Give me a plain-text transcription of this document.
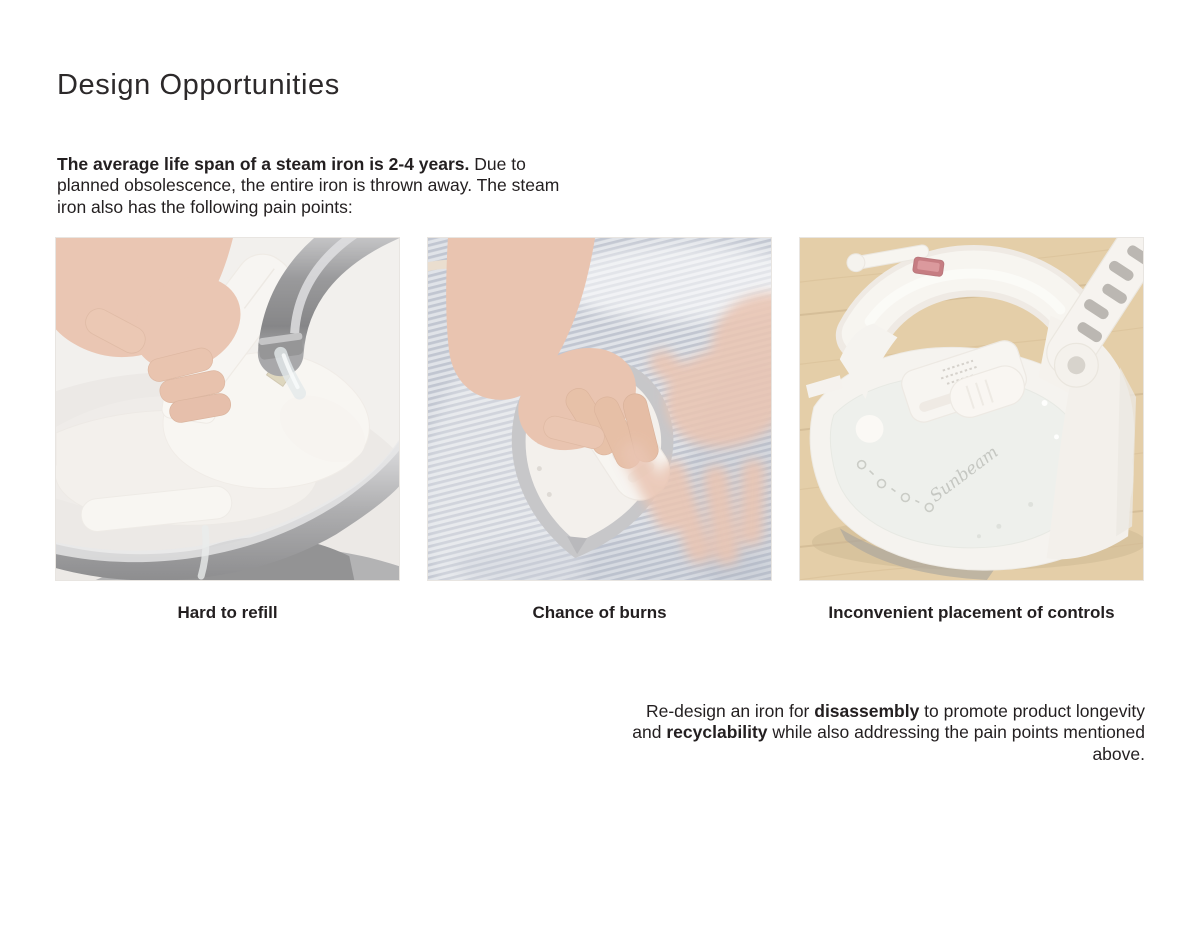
Design Opportunities

The average life span of a steam iron is 2-4 years. Due to planned obsolescence, the entire iron is thrown away. The steam iron also has the following pain points:

Hard to refill	Chance of burns
Sunbeam
Inconvenient placement of controls

Re-design an iron for disassembly to promote product longevity and recyclability while also addressing the pain points mentioned above.
